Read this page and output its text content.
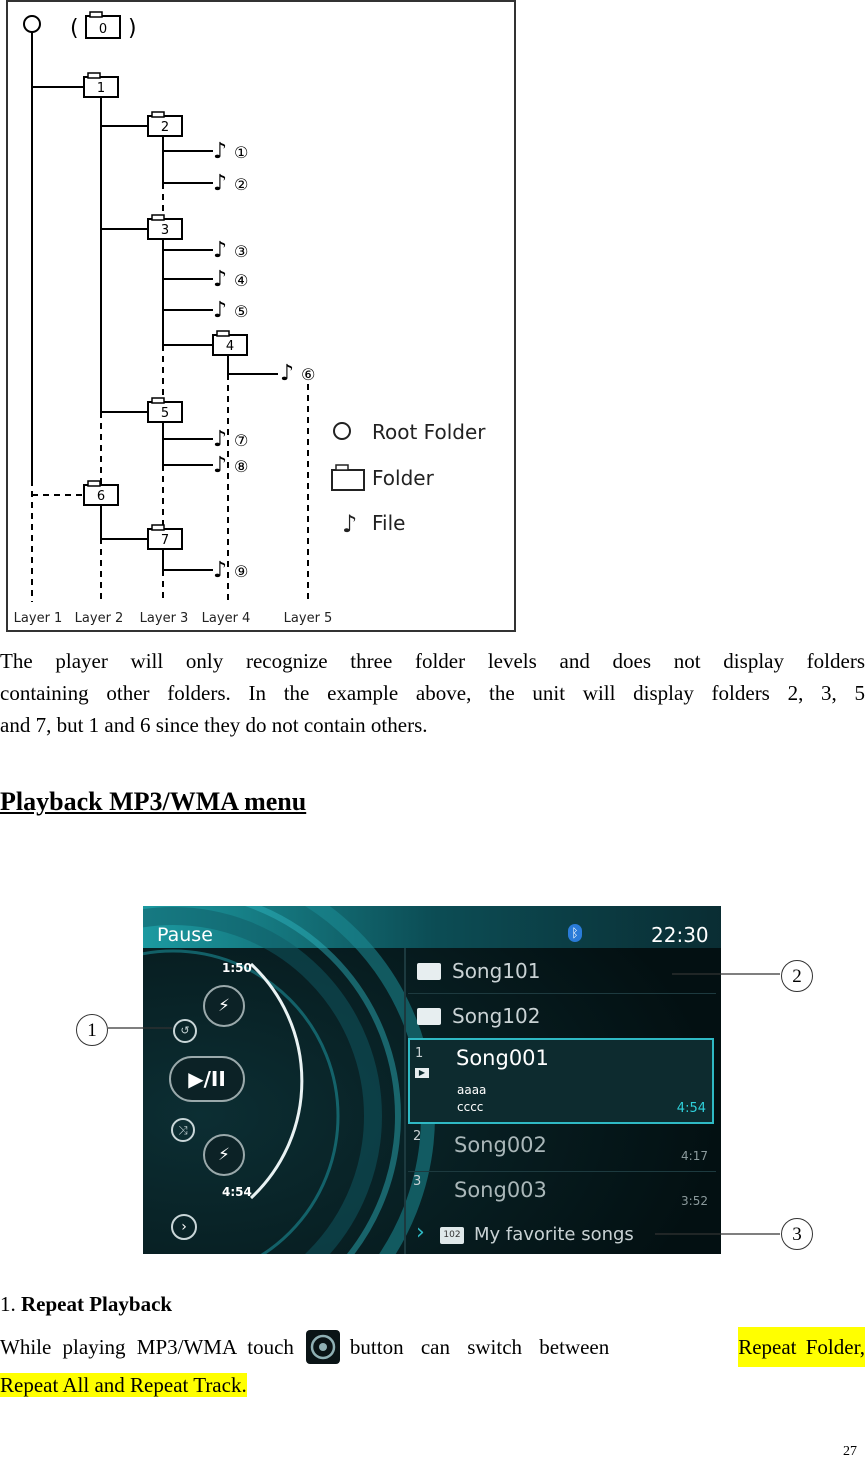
( )
0
1
2
3
4
5
6
7
♪ ①
♪ ②
♪ ③
♪ ④
♪ ⑤
♪ ⑥
♪ ⑦
♪ ⑧
♪ ⑨
Root Folder
Folder
♪ File
Layer 1 Layer 2 Layer 3 Layer 4	Layer 5

The player will only recognize three folder levels and does not display folders

containing other folders. In the example above, the unit will display folders 2, 3, 5

and 7, but 1 and 6 since they do not contain others.

Playback MP3/WMA menu
Pause	ᛒ	22:30
1:50
4:54
↺
⚡
▶/II
⤨
⚡
›
Song101
Song102
1
▶
Song001
aaaa
cccc	4:54
2 Song002	4:17
3 Song003	3:52
›	102 My favorite songs
1
2
3

1. Repeat Playback

While playing MP3/WMA touch	button can switch between	Repeat Folder,

Repeat All and Repeat Track.

27
